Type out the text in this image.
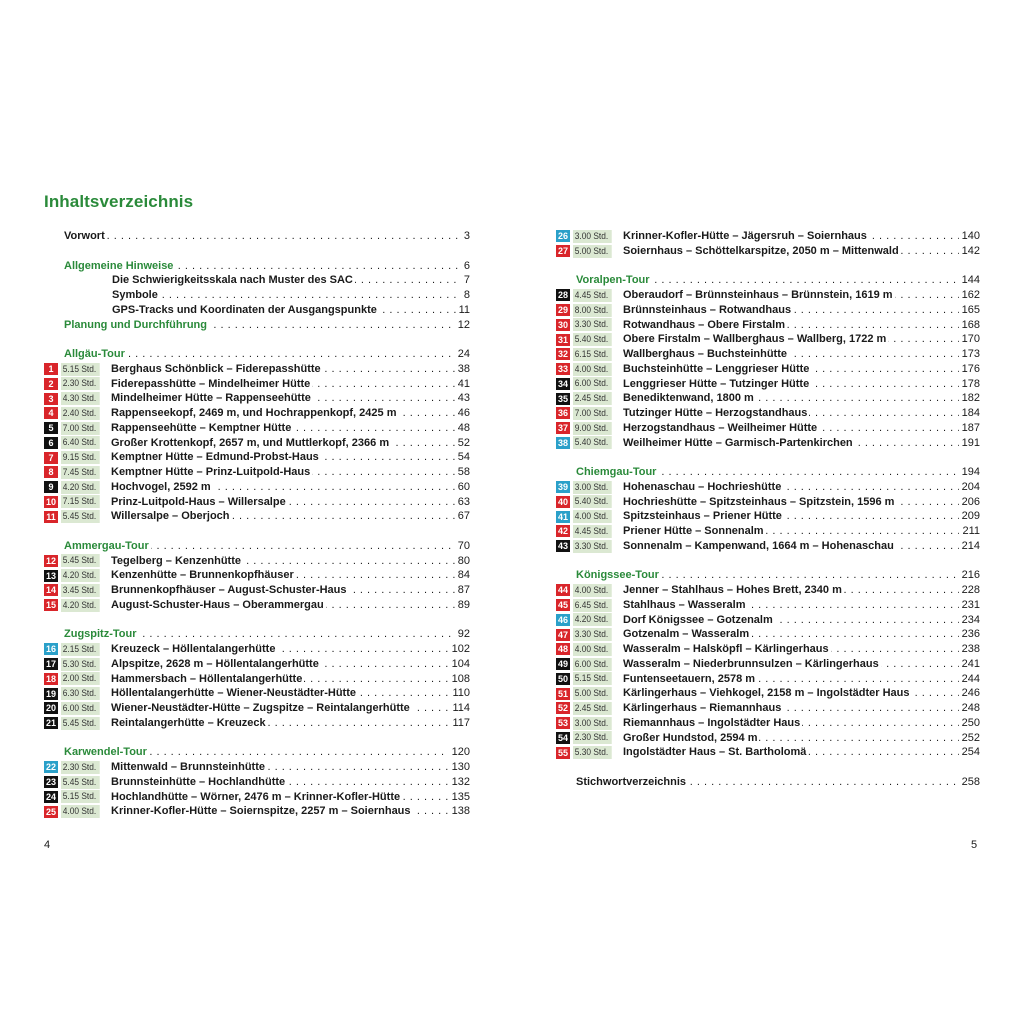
Inhaltsverzeichnis
Vorwort . . .	3
Allgemeine Hinweise . . .	6
Die Schwierigkeitsskala nach Muster des SAC . . .	7
Symbole . . .	8
GPS-Tracks und Koordinaten der Ausgangspunkte . . .	11
Planung und Durchführung . . .	12
Allgäu-Tour . . .	24
1 5.15 Std.	Berghaus Schönblick – Fiderepasshütte . . .	38
2 2.30 Std.	Fiderepasshütte – Mindelheimer Hütte . . .	41
3 4.30 Std.	Mindelheimer Hütte – Rappenseehütte . . .	43
4 2.40 Std.	Rappenseekopf, 2469 m, und Hochrappenkopf, 2425 m . . .	46
5 7.00 Std.	Rappenseehütte – Kemptner Hütte . . .	48
6 6.40 Std.	Großer Krottenkopf, 2657 m, und Muttlerkopf, 2366 m . . .	52
7 9.15 Std.	Kemptner Hütte – Edmund-Probst-Haus . . .	54
8 7.45 Std.	Kemptner Hütte – Prinz-Luitpold-Haus . . .	58
9 4.20 Std.	Hochvogel, 2592 m . . .	60
10 7.15 Std.	Prinz-Luitpold-Haus – Willersalpe . . .	63
11 5.45 Std.	Willersalpe – Oberjoch . . .	67
Ammergau-Tour . . .	70
12 5.45 Std.	Tegelberg – Kenzenhütte . . .	80
13 4.20 Std.	Kenzenhütte – Brunnenkopfhäuser . . .	84
14 3.45 Std.	Brunnenkopfhäuser – August-Schuster-Haus . . .	87
15 4.20 Std.	August-Schuster-Haus – Oberammergau . . .	89
Zugspitz-Tour . . .	92
16 2.15 Std.	Kreuzeck – Höllentalangerhütte . . .	102
17 5.30 Std.	Alpspitze, 2628 m – Höllentalangerhütte . . .	104
18 2.00 Std.	Hammersbach – Höllentalangerhütte . . .	108
19 6.30 Std.	Höllentalangerhütte – Wiener-Neustädter-Hütte . . .	110
20 6.00 Std.	Wiener-Neustädter-Hütte – Zugspitze – Reintalangerhütte . . .	114
21 5.45 Std.	Reintalangerhütte – Kreuzeck . . .	117
Karwendel-Tour . . .	120
22 2.30 Std.	Mittenwald – Brunnsteinhütte . . .	130
23 5.45 Std.	Brunnsteinhütte – Hochlandhütte . . .	132
24 5.15 Std.	Hochlandhütte – Wörner, 2476 m – Krinner-Kofler-Hütte . . .	135
25 4.00 Std.	Krinner-Kofler-Hütte – Soiernspitze, 2257 m – Soiernhaus . . .	138
26 3.00 Std.	Krinner-Kofler-Hütte – Jägersruh – Soiernhaus . . .	140
27 5.00 Std.	Soiernhaus – Schöttelkarspitze, 2050 m – Mittenwald . . .	142
Voralpen-Tour . . .	144
28 4.45 Std.	Oberaudorf – Brünnsteinhaus – Brünnstein, 1619 m . . .	162
29 8.00 Std.	Brünnsteinhaus – Rotwandhaus . . .	165
30 3.30 Std.	Rotwandhaus – Obere Firstalm . . .	168
31 5.40 Std.	Obere Firstalm – Wallberghaus – Wallberg, 1722 m . . .	170
32 6.15 Std.	Wallberghaus – Buchsteinhütte . . .	173
33 4.00 Std.	Buchsteinhütte – Lenggrieser Hütte . . .	176
34 6.00 Std.	Lenggrieser Hütte – Tutzinger Hütte . . .	178
35 2.45 Std.	Benediktenwand, 1800 m . . .	182
36 7.00 Std.	Tutzinger Hütte – Herzogstandhaus . . .	184
37 9.00 Std.	Herzogstandhaus – Weilheimer Hütte . . .	187
38 5.40 Std.	Weilheimer Hütte – Garmisch-Partenkirchen . . .	191
Chiemgau-Tour . . .	194
39 3.00 Std.	Hohenaschau – Hochrieshütte . . .	204
40 5.40 Std.	Hochrieshütte – Spitzsteinhaus – Spitzstein, 1596 m . . .	206
41 4.00 Std.	Spitzsteinhaus – Priener Hütte . . .	209
42 4.45 Std.	Priener Hütte – Sonnenalm . . .	211
43 3.30 Std.	Sonnenalm – Kampenwand, 1664 m – Hohenaschau . . .	214
Königssee-Tour . . .	216
44 4.00 Std.	Jenner – Stahlhaus – Hohes Brett, 2340 m . . .	228
45 6.45 Std.	Stahlhaus – Wasseralm . . .	231
46 4.20 Std.	Dorf Königssee – Gotzenalm . . .	234
47 3.30 Std.	Gotzenalm – Wasseralm . . .	236
48 4.00 Std.	Wasseralm – Halsköpfl – Kärlingerhaus . . .	238
49 6.00 Std.	Wasseralm – Niederbrunnsulzen – Kärlingerhaus . . .	241
50 5.15 Std.	Funtenseetauern, 2578 m . . .	244
51 5.00 Std.	Kärlingerhaus – Viehkogel, 2158 m – Ingolstädter Haus . . .	246
52 2.45 Std.	Kärlingerhaus – Riemannhaus . . .	248
53 3.00 Std.	Riemannhaus – Ingolstädter Haus . . .	250
54 2.30 Std.	Großer Hundstod, 2594 m . . .	252
55 5.30 Std.	Ingolstädter Haus – St. Bartholomä . . .	254
Stichwortverzeichnis . . .	258
4	5
